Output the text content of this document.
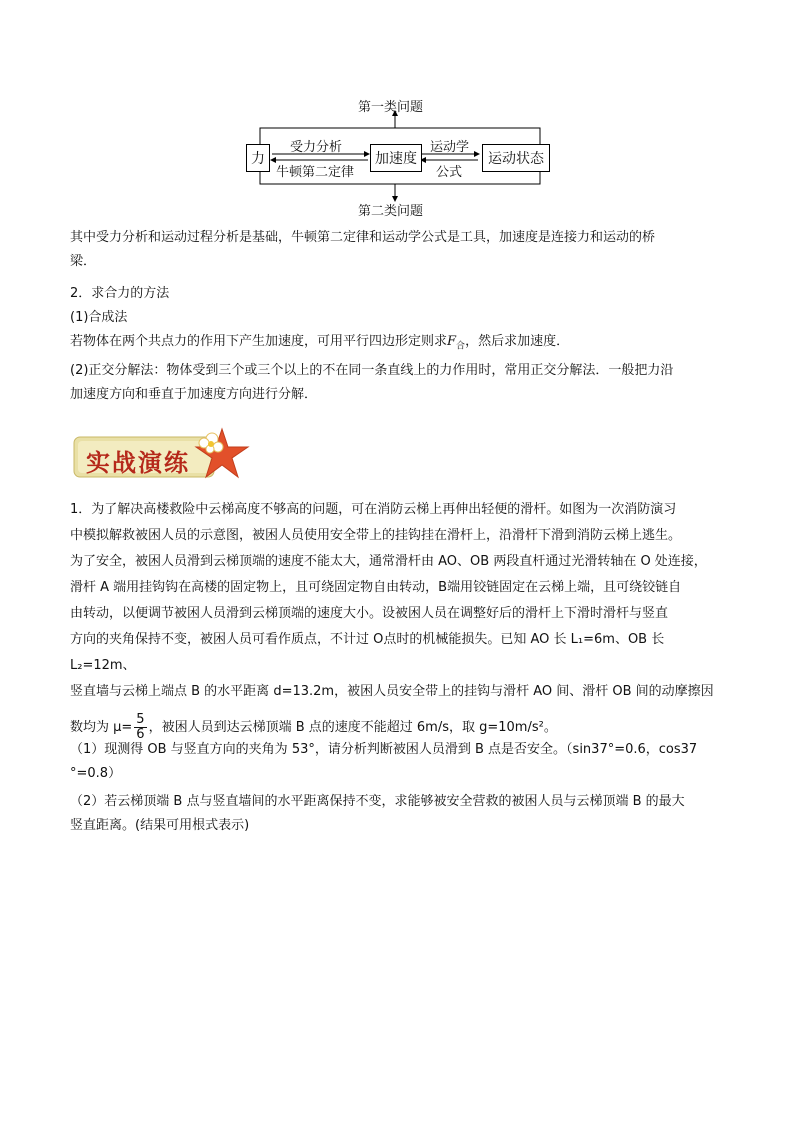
第一类问题
第二类问题
力	加速度	运动状态
受力分析
牛顿第二定律
运动学
公式
其中受力分析和运动过程分析是基础，牛顿第二定律和运动学公式是工具，加速度是连接力和运动的桥
梁．
2．求合力的方法
(1)合成法
若物体在两个共点力的作用下产生加速度，可用平行四边形定则求$F_合$，然后求加速度．
(2)正交分解法：物体受到三个或三个以上的不在同一条直线上的力作用时，常用正交分解法．一般把力沿
加速度方向和垂直于加速度方向进行分解．
实战演练
1．为了解决高楼救险中云梯高度不够高的问题，可在消防云梯上再伸出轻便的滑杆。如图为一次消防演习
中模拟解救被困人员的示意图，被困人员使用安全带上的挂钩挂在滑杆上，沿滑杆下滑到消防云梯上逃生。
为了安全，被困人员滑到云梯顶端的速度不能太大，通常滑杆由 AO、OB 两段直杆通过光滑转轴在 O 处连接，
滑杆 A 端用挂钩钩在高楼的固定物上，且可绕固定物自由转动，B端用铰链固定在云梯上端，且可绕铰链自
由转动，以便调节被困人员滑到云梯顶端的速度大小。设被困人员在调整好后的滑杆上下滑时滑杆与竖直
方向的夹角保持不变，被困人员可看作质点，不计过 O点时的机械能损失。已知 AO 长 L₁=6m、OB 长 L₂=12m、
竖直墙与云梯上端点 B 的水平距离 d=13.2m，被困人员安全带上的挂钩与滑杆 AO 间、滑杆 OB 间的动摩擦因
数均为 $\mu= \frac{5}{6}$ ，被困人员到达云梯顶端 B 点的速度不能超过 6m/s，取 g=10m/s²。
（1）现测得 OB 与竖直方向的夹角为 53°，请分析判断被困人员滑到 B 点是否安全。（sin37°=0.6，cos37
°=0.8）
（2）若云梯顶端 B 点与竖直墙间的水平距离保持不变，求能够被安全营救的被困人员与云梯顶端 B 的最大
竖直距离。(结果可用根式表示)
